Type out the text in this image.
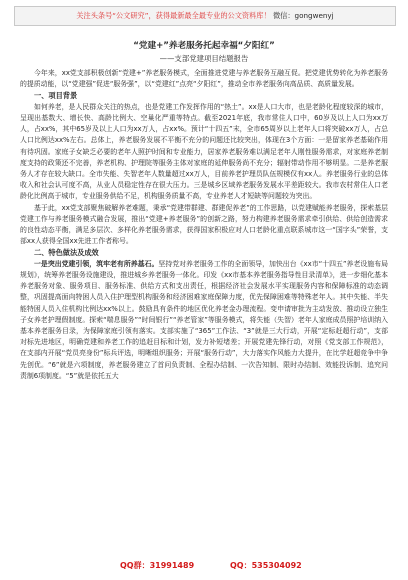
关注头条号“公文研究”，获得最新最全最专业的公文资料库！ 微信：gongwenyj

“党建+”养老服务托起幸福“夕阳红”

——支部党建项目结题报告

今年来，xx党支部积极创新“党建+”养老服务模式，全面推进党建与养老服务互融互促。把党建优势转化为养老服务的提质动能，以“党建强”促进“服务强”，以“党建红”点亮“夕阳红”，推动全市养老服务向高品质、高质量发展。

一、项目背景

如何养老，是人民群众关注的热点，也是党建工作发挥作用的“热土”。xx是人口大市，也是老龄化程度较深的城市，呈现出基数大、增长快、高龄比例大、空巢化严重等特点。截至2021年底，我市常住人口中，60岁及以上人口为xx万人，占xx%，其中65岁及以上人口为xx万人，占xx%。预计“十四五”末，全市65周岁以上老年人口将突破xx万人，占总人口比例达xx%左右。总体上，养老服务发展不平衡不充分的问题还比较突出，体现在3个方面：一是留家养老基础作用有待巩固。家庭子女缺乏必要的老年人照护时间和专业能力，居家养老服务难以满足老年人刚性服务需求，对家庭养老制度支持的政策还不完善，养老机构、护理院等服务主体对家庭的延伸服务尚不充分；辐射带动作用不够明显。二是养老服务人才存在较大缺口。全市失能、失智老年人数量超过xx万人，目前养老护理员队伍规模仅有xx人。养老服务行业的总体收入和社会认可度不高，从业人员稳定性存在很大压力。三是城乡区域养老服务发展水平差距较大。我市农村常住人口老龄化比例高于城市，专业服务供给不足，机构服务质量不高，专业养老人才短缺等问题较为突出。

基于此，xx党支部聚焦破解养老难题，秉承“党建带群建、群建促养老”的工作思路，以党建赋能养老服务，探索基层党建工作与养老服务模式融合发展，推出“党建+养老服务”的创新之路，努力构建养老服务需求牵引供给、供给创造需求的良性动态平衡，满足多层次、多样化养老服务需求，获得国家积极应对人口老龄化重点联系城市这一“国字头”荣誉，支部xx人获得全国xx先进工作者称号。

二、特色做法及成效

一是突出党建引领，筑牢老有所养基石。坚持党对养老服务工作的全面领导，加快出台《xx市“十四五”养老设施布局规划》，统筹养老服务设施建设，推进城乡养老服务一体化。印发《xx市基本养老服务指导性目录清单》，进一步细化基本养老服务对象、服务项目、服务标准、供给方式和支出责任，根据经济社会发展水平实现服务内容和保障标准的动态调整，巩固提高面向特困人员入住护理型机构服务和经济困难家庭保障力度，优先保障困难等特殊老年人。其中失能、半失能特困人员入住机构比例达xx%以上。鼓励具有条件的地区优化养老金办理流程。变申请审批为主动发放、推动设立独生子女养老护理假制度。探索“喘息服务”“时间银行”“养老管家”等服务模式，将失能（失智）老年人家庭成员照护培训纳入基本养老服务目录，为保障家庭引领有落实。支部实施了“365”工作法、“3”就是三大行动，开展“定标赶超行动”，支部对标先进地区，明确党建和养老工作的追赶目标和计划，发力补短堵差；开展党建先锋行动，对照《党支部工作规范》，在支部内开展“党员亮身份”标兵评选，明晰组织服务；开展“服务行动”，大力落实作风能力大提升，在比学赶超竞争中争先创优。“6”就是六项制度，养老服务建立了首问负责制、全程办结制、一次告知制、限时办结制、效能投诉制、追究问责制6项制度。“5”就是依托五大

QQ群：31991489	QQ：535304092
